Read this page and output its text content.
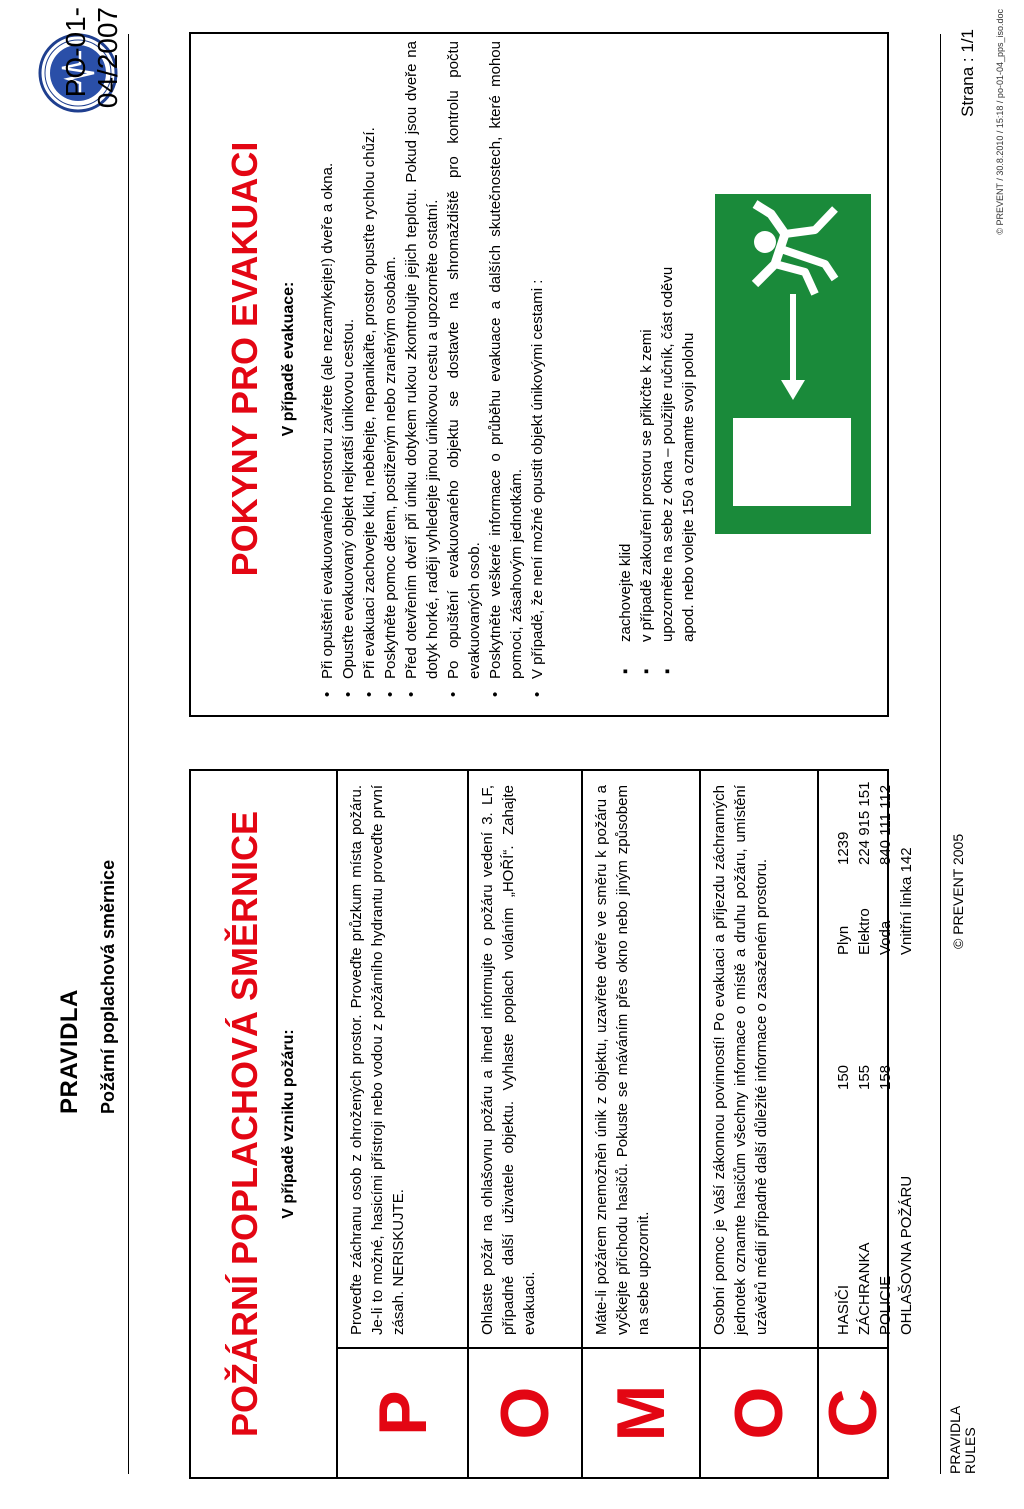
PRAVIDLA Požární poplachová směrnice
PO-01-04/2007
P
Proveďte záchranu osob z ohrožených prostor. Proveďte průzkum místa požáru. Je-li to možné, hasicími přístroji nebo vodou z požárního hydrantu proveďte první zásah. NERISKUJTE.
O
Ohlaste požár na ohlašovnu požáru a ihned informujte o požáru vedení 3. LF, případně další uživatele objektu. Vyhlaste poplach voláním „HOŘÍ“. Zahajte evakuaci.
M
Máte-li požárem znemožněn únik z objektu, uzavřete dveře ve směru k požáru a vyčkejte příchodu hasičů. Pokuste se máváním přes okno nebo jiným způsobem na sebe upozornit.
O
Osobní pomoc je Vaší zákonnou povinností! Po evakuaci a příjezdu záchranných jednotek oznamte hasičům všechny informace o místě a druhu požáru, umístění uzávěrů médií případně další důležité informace o zasaženém prostoru.
C
HASIČI
150
ZÁCHRANKA
155
POLICIE
158
OHLAŠOVNA POŽÁRU
Plyn
1239
Elektro
224 915 151
Voda
840 111 112
Vnitřní linka 142
POŽÁRNÍ POPLACHOVÁ SMĚRNICE V případě vzniku požáru:
POKYNY PRO EVAKUACI V případě evakuace: • Při opuštění evakuovaného prostoru zavřete (ale nezamykejte!) dveře a okna. • Opusťte evakuovaný objekt nejkratší únikovou cestou. • Při evakuaci zachovejte klid, neběhejte, nepanikařte, prostor opusťte rychlou chůzí. • Poskytněte pomoc dětem, postiženým nebo zraněným osobám. • Před otevřením dveří při úniku dotykem rukou zkontrolujte jejich teplotu. Pokud jsou dveře na dotyk horké, raději vyhledejte jinou únikovou cestu a upozorněte ostatní. • Po opuštění evakuovaného objektu se dostavte na shromaždiště pro kontrolu počtu evakuovaných osob. • Poskytněte veškeré informace o průběhu evakuace a dalších skutečnostech, které mohou pomoci, zásahovým jednotkám. • V případě, že není možné opustit objekt únikovými cestami :	▪ zachovejte klid ▪ v případě zakouření prostoru se přikrčte k zemi ▪ upozorněte na sebe z okna – použijte ručník, část oděvu apod. nebo volejte 150 a oznamte svoji polohu
PRAVIDLA RULES
© PREVENT 2005
Strana : 1/1 © PREVENT / 30.8.2010 / 15:18 / po-01-04_pps_iso.doc
